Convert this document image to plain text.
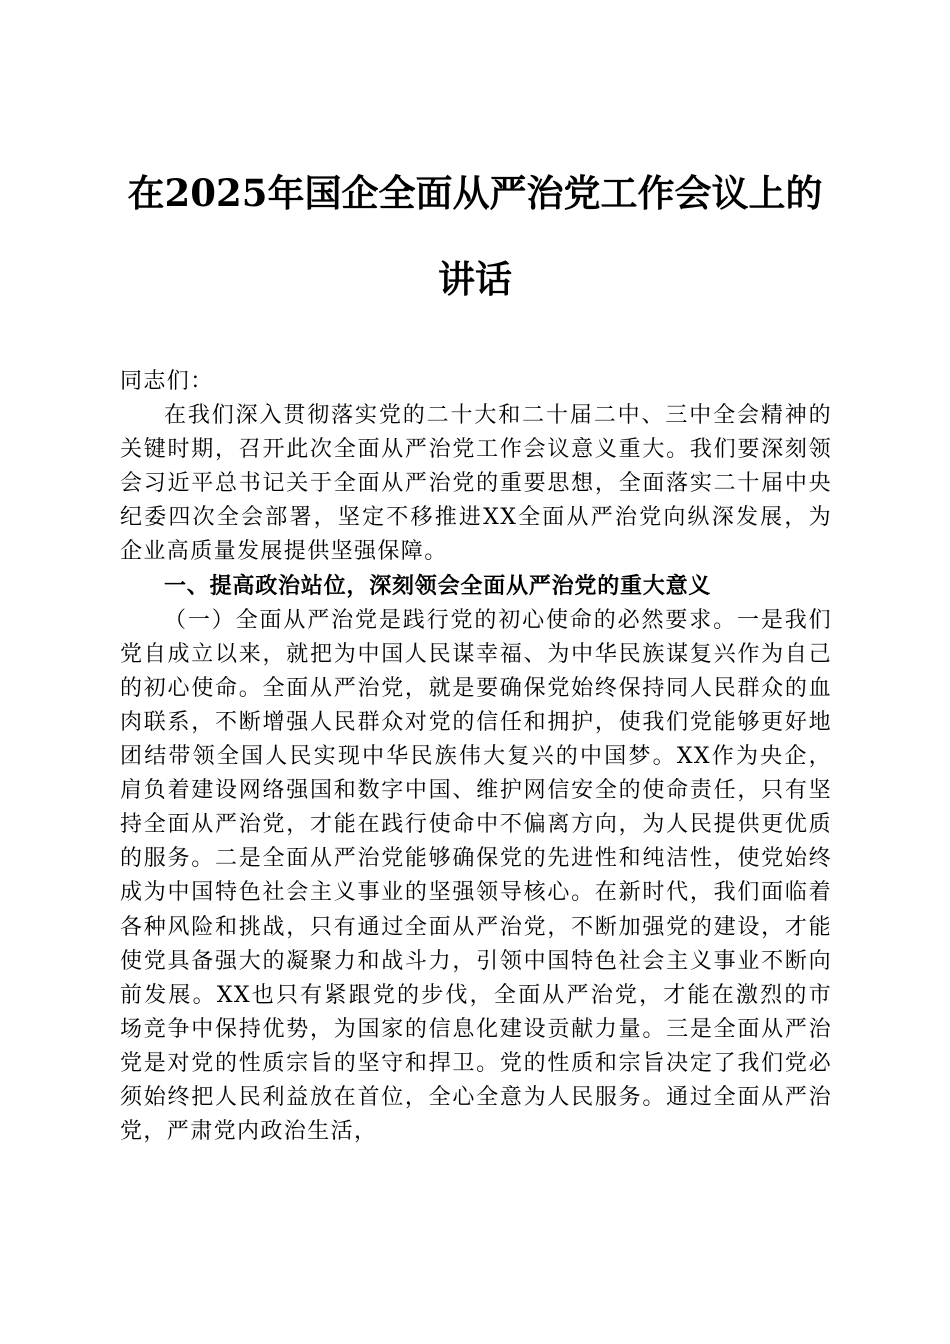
在2025年国企全面从严治党工作会议上的讲话

同志们：

在我们深入贯彻落实党的二十大和二十届二中、三中全会精神的关键时期，召开此次全面从严治党工作会议意义重大。我们要深刻领会习近平总书记关于全面从严治党的重要思想，全面落实二十届中央纪委四次全会部署，坚定不移推进XX全面从严治党向纵深发展，为企业高质量发展提供坚强保障。

一、提高政治站位，深刻领会全面从严治党的重大意义

（一）全面从严治党是践行党的初心使命的必然要求。一是我们党自成立以来，就把为中国人民谋幸福、为中华民族谋复兴作为自己的初心使命。全面从严治党，就是要确保党始终保持同人民群众的血肉联系，不断增强人民群众对党的信任和拥护，使我们党能够更好地团结带领全国人民实现中华民族伟大复兴的中国梦。XX作为央企，肩负着建设网络强国和数字中国、维护网信安全的使命责任，只有坚持全面从严治党，才能在践行使命中不偏离方向，为人民提供更优质的服务。二是全面从严治党能够确保党的先进性和纯洁性，使党始终成为中国特色社会主义事业的坚强领导核心。在新时代，我们面临着各种风险和挑战，只有通过全面从严治党，不断加强党的建设，才能使党具备强大的凝聚力和战斗力，引领中国特色社会主义事业不断向前发展。XX也只有紧跟党的步伐，全面从严治党，才能在激烈的市场竞争中保持优势，为国家的信息化建设贡献力量。三是全面从严治党是对党的性质宗旨的坚守和捍卫。党的性质和宗旨决定了我们党必须始终把人民利益放在首位，全心全意为人民服务。通过全面从严治党，严肃党内政治生活，
